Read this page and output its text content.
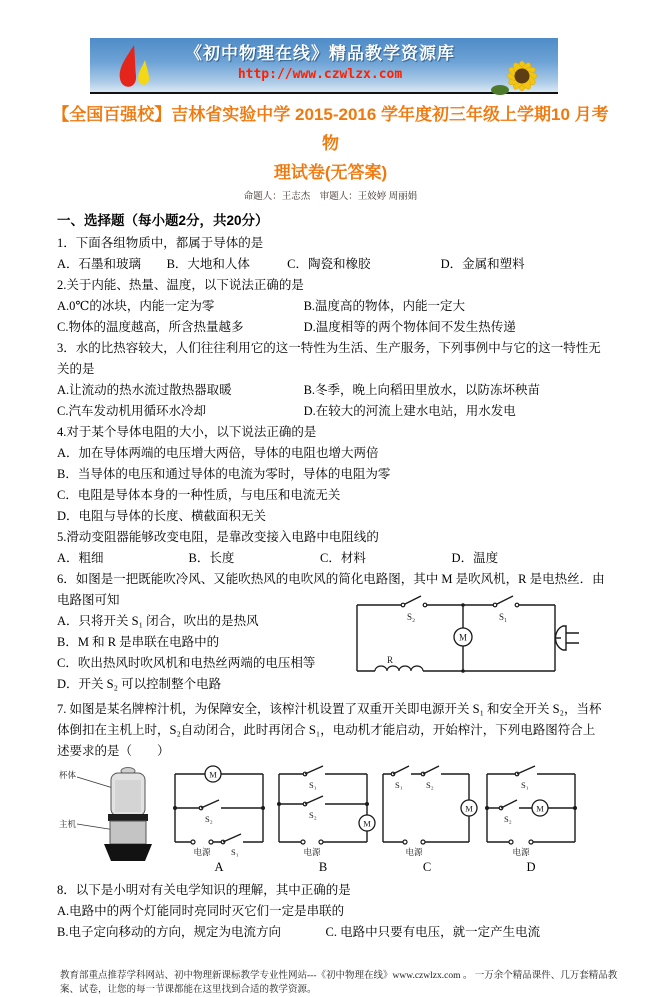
《初中物理在线》精品教学资源库
http://www.czwlzx.com
【全国百强校】吉林省实验中学 2015-2016 学年度初三年级上学期10 月考物
理试卷(无答案)
命题人：王志杰　审题人：王姣婷 周丽娟
一、选择题（每小题2分，共20分）
1．下面各组物质中，都属于导体的是
A．石墨和玻璃	B．大地和人体	C．陶瓷和橡胶	D．金属和塑料
2.关于内能、热量、温度，以下说法正确的是
A.0℃的冰块，内能一定为零	B.温度高的物体，内能一定大
C.物体的温度越高，所含热量越多	D.温度相等的两个物体间不发生热传递
3．水的比热容较大，人们往往利用它的这一特性为生活、生产服务，下列事例中与它的这一特性无关的是
A.让流动的热水流过散热器取暖	B.冬季，晚上向稻田里放水，以防冻坏秧苗
C.汽车发动机用循环水冷却	D.在较大的河流上建水电站，用水发电
4.对于某个导体电阻的大小，以下说法正确的是
A．加在导体两端的电压增大两倍，导体的电阻也增大两倍
B．当导体的电压和通过导体的电流为零时，导体的电阻为零
C．电阻是导体本身的一种性质，与电压和电流无关
D．电阻与导体的长度、横截面积无关
5.滑动变阻器能够改变电阻，是靠改变接入电路中电阻线的
A．粗细	B．长度	C．材料	D．温度
6．如图是一把既能吹冷风、又能吹热风的电吹风的简化电路图，其中 M 是吹风机，R 是电热丝．由电路图可知
A．只将开关 S₁ 闭合，吹出的是热风
B．M 和 R 是串联在电路中的
C．吹出热风时吹风机和电热丝两端的电压相等
D．开关 S₂ 可以控制整个电路
S₂	S₁
M
R
7. 如图是某名牌榨汁机，为保障安全，该榨汁机设置了双重开关即电源开关 S₁ 和安全开关 S₂，当杯体倒扣在主机上时，S₂自动闭合，此时再闭合 S₁，电动机才能启动，开始榨汁，下列电路图符合上述要求的是（　　）
杯体
主机
M
S₂
电源 S₁
A
S₁
S₂
M
电源
B
S₁	S₂
M
电源
C
S₁
S₂
M
电源
D
8．以下是小明对有关电学知识的理解，其中正确的是
A.电路中的两个灯能同时亮同时灭它们一定是串联的
B.电子定向移动的方向，规定为电流方向	C. 电路中只要有电压，就一定产生电流
教育部重点推荐学科网站、初中物理新课标教学专业性网站---《初中物理在线》www.czwlzx.com 。 一万余个精品课件、几万套精品教案、试卷，让您的每一节课都能在这里找到合适的教学资源。
